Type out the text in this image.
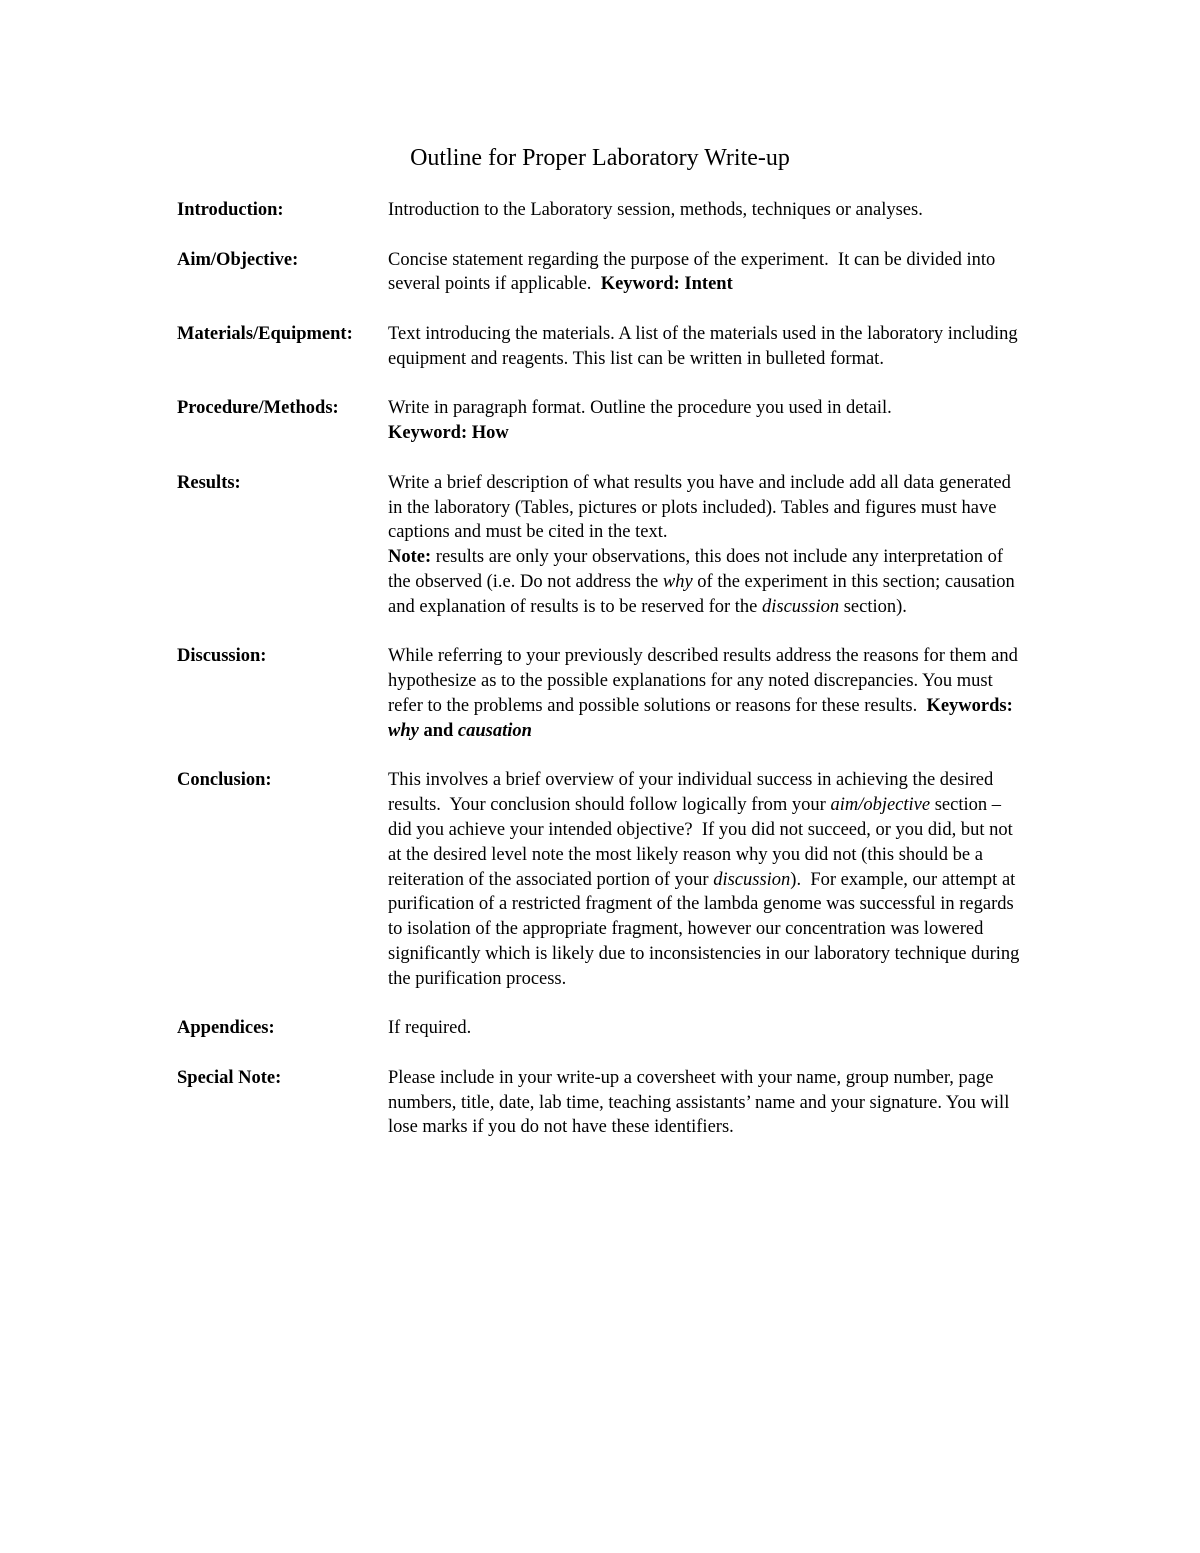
Outline for Proper Laboratory Write-up
Introduction:	Introduction to the Laboratory session, methods, techniques or analyses.
Aim/Objective:	Concise statement regarding the purpose of the experiment.  It can be divided into several points if applicable.  Keyword: Intent
Materials/Equipment:	Text introducing the materials. A list of the materials used in the laboratory including equipment and reagents. This list can be written in bulleted format.
Procedure/Methods:	Write in paragraph format. Outline the procedure you used in detail.

Keyword: How

Results:	Write a brief description of what results you have and include add all data generated in the laboratory (Tables, pictures or plots included). Tables and figures must have captions and must be cited in the text.

Note: results are only your observations, this does not include any interpretation of the observed (i.e. Do not address the why of the experiment in this section; causation and explanation of results is to be reserved for the discussion section).

Discussion:	While referring to your previously described results address the reasons for them and hypothesize as to the possible explanations for any noted discrepancies. You must refer to the problems and possible solutions or reasons for these results.  Keywords: why and causation
Conclusion:	This involves a brief overview of your individual success in achieving the desired results.  Your conclusion should follow logically from your aim/objective section – did you achieve your intended objective?  If you did not succeed, or you did, but not at the desired level note the most likely reason why you did not (this should be a reiteration of the associated portion of your discussion).  For example, our attempt at purification of a restricted fragment of the lambda genome was successful in regards to isolation of the appropriate fragment, however our concentration was lowered significantly which is likely due to inconsistencies in our laboratory technique during the purification process.
Appendices:	If required.
Special Note:	Please include in your write-up a coversheet with your name, group number, page numbers, title, date, lab time, teaching assistants’ name and your signature. You will lose marks if you do not have these identifiers.
